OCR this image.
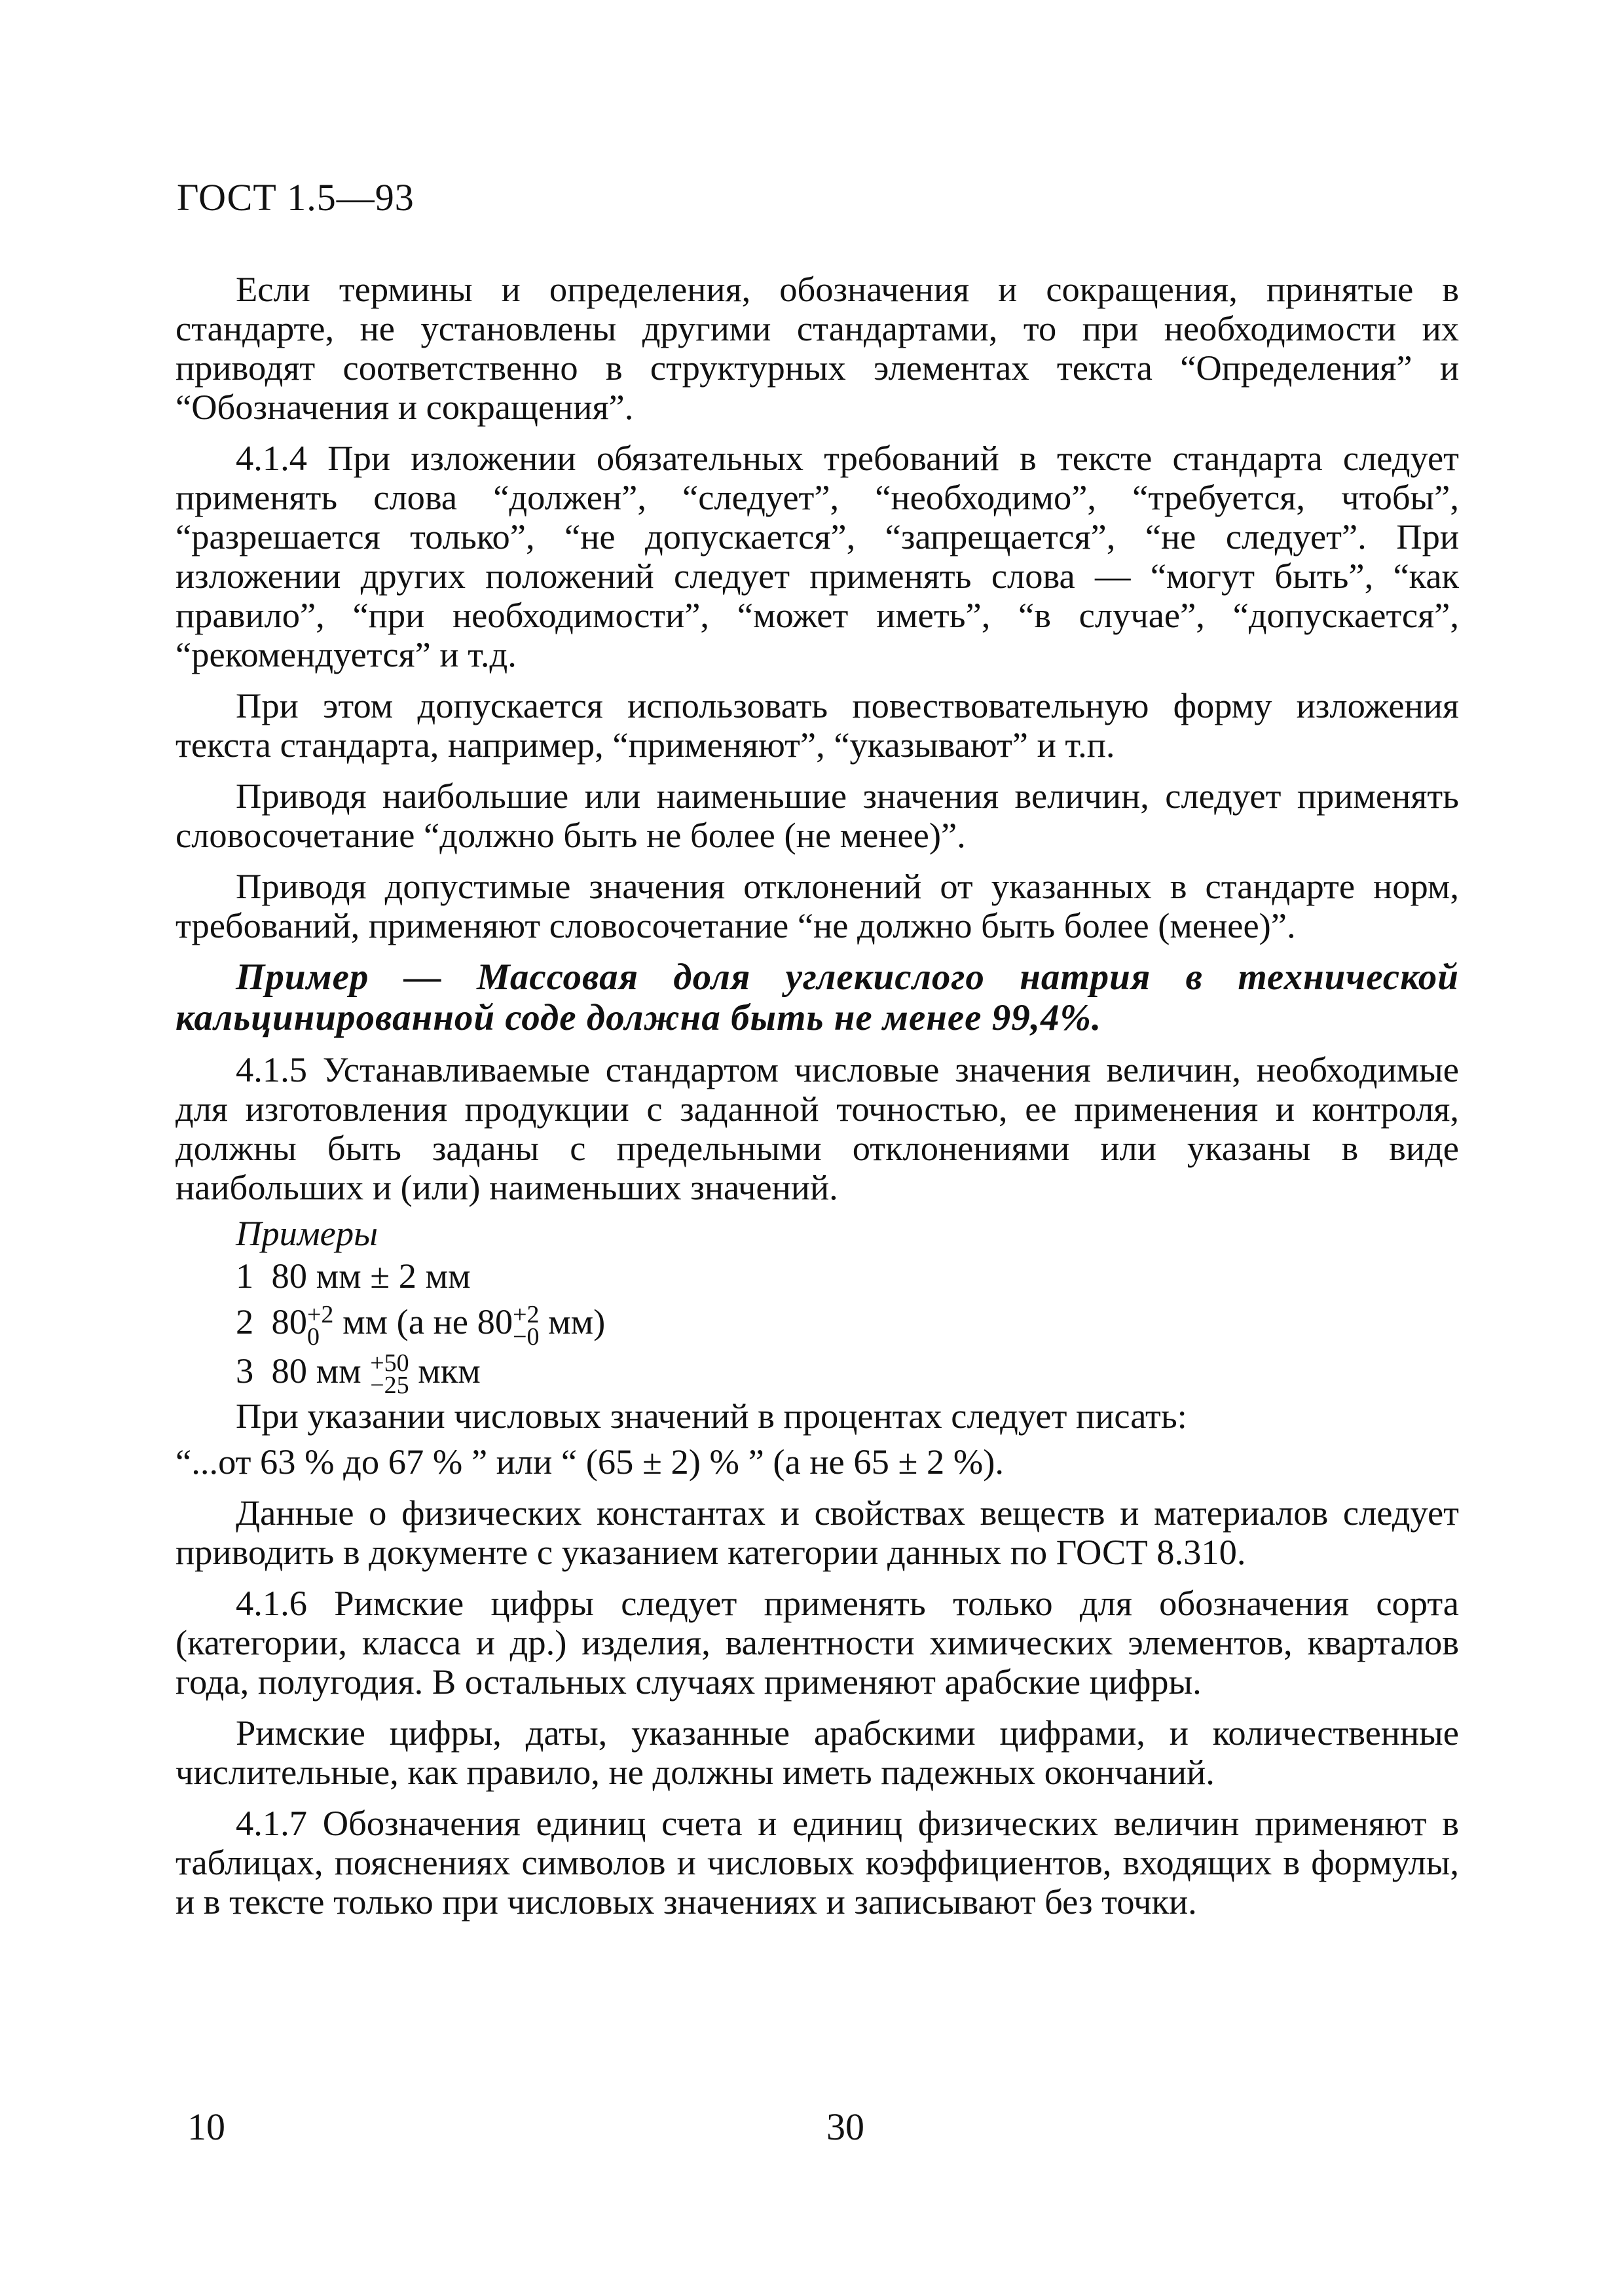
ГОСТ 1.5—93

Если термины и определения, обозначения и сокращения, принятые в стандарте, не установлены другими стандартами, то при необходимости их приводят соответственно в структурных элементах текста “Определения” и “Обозначения и сокращения”.

4.1.4 При изложении обязательных требований в тексте стандарта следует применять слова “должен”, “следует”, “необходимо”, “требуется, чтобы”, “разрешается только”, “не допускается”, “запрещается”, “не следует”. При изложении других положений следует применять слова — “могут быть”, “как правило”, “при необходимости”, “может иметь”, “в случае”, “допускается”, “рекомендуется” и т.д.

При этом допускается использовать повествовательную форму изложения текста стандарта, например, “применяют”, “указывают” и т.п.

Приводя наибольшие или наименьшие значения величин, следует применять словосочетание “должно быть не более (не менее)”.

Приводя допустимые значения отклонений от указанных в стандарте норм, требований, применяют словосочетание “не должно быть более (менее)”.

Пример — Массовая доля углекислого натрия в технической кальцинированной соде должна быть не менее 99,4%.

4.1.5 Устанавливаемые стандартом числовые значения величин, необходимые для изготовления продукции с заданной точностью, ее применения и контроля, должны быть заданы с предельными отклонениями или указаны в виде наибольших и (или) наименьших значений.

Примеры

1 80 мм ± 2 мм
2 80 +2
0 мм (а не 80 +2
−0 мм)
3 80 мм +50
−25 мкм

При указании числовых значений в процентах следует писать:

“...от 63 % до 67 % ” или “ (65 ± 2) % ” (а не 65 ± 2 %).

Данные о физических константах и свойствах веществ и материалов следует приводить в документе с указанием категории данных по ГОСТ 8.310.

4.1.6 Римские цифры следует применять только для обозначения сорта (категории, класса и др.) изделия, валентности химических элементов, кварталов года, полугодия. В остальных случаях применяют арабские цифры.

Римские цифры, даты, указанные арабскими цифрами, и количественные числительные, как правило, не должны иметь падежных окончаний.

4.1.7 Обозначения единиц счета и единиц физических величин применяют в таблицах, пояснениях символов и числовых коэффициентов, входящих в формулы, и в тексте только при числовых значениях и записывают без точки.

10	30
